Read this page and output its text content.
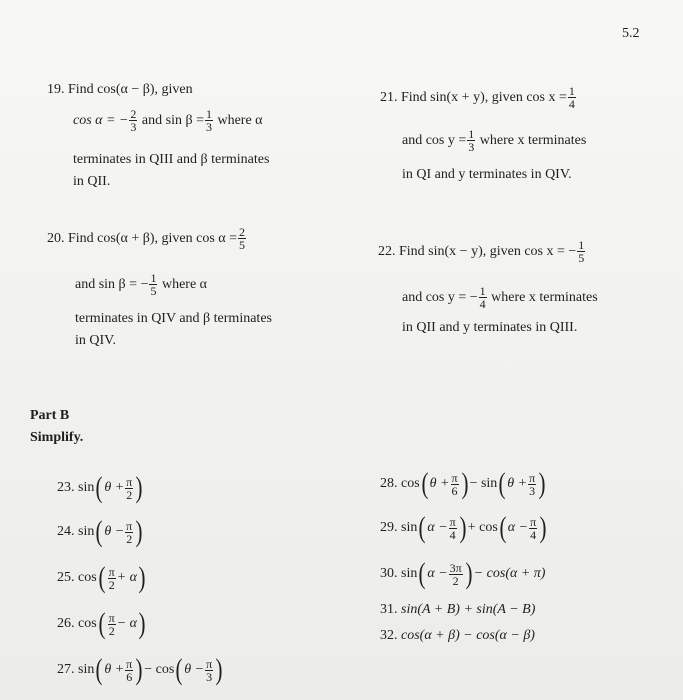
5.2
19. Find cos(α − β), given
cos α = − $\frac{2}{3}$
and $\sin \beta = \frac{1}{3}$
where α
terminates in QIII and β terminates
in QII.
20.
Find cos(α + β), given $\cos \alpha = \frac{2}{5}$
and sin β = − $\frac{1}{5}$
where α
terminates in QIV and β terminates
in QIV.
21.
Find sin(x + y), given $\cos x = \frac{1}{4}$
and $\cos y = \frac{1}{3}$
where x terminates
in QI and y terminates in QIV.
22.
Find sin(x − y), given cos x = − $\frac{1}{5}$
and cos y = − $\frac{1}{4}$
where x terminates
in QII and y terminates in QIII.
Part B
Simplify.
23.
sin ( $\theta + \frac{\pi}{2}$ )
24.
sin ( $\theta - \frac{\pi}{2}$ )
25.
cos ( $\frac{\pi}{2} + \alpha$ )
26.
cos ( $\frac{\pi}{2} - \alpha$ )
27.
sin ( $\theta + \frac{\pi}{6}$ ) − cos ( $\theta - \frac{\pi}{3}$ )
28.
cos ( $\theta + \frac{\pi}{6}$ ) − sin ( $\theta + \frac{\pi}{3}$ )
29.
sin ( $\alpha - \frac{\pi}{4}$ ) + cos ( $\alpha - \frac{\pi}{4}$ )
30.
sin ( $\alpha - \frac{3\pi}{2}$ ) − cos(α + π)
31. sin(A + B) + sin(A − B)
32. cos(α + β) − cos(α − β)
